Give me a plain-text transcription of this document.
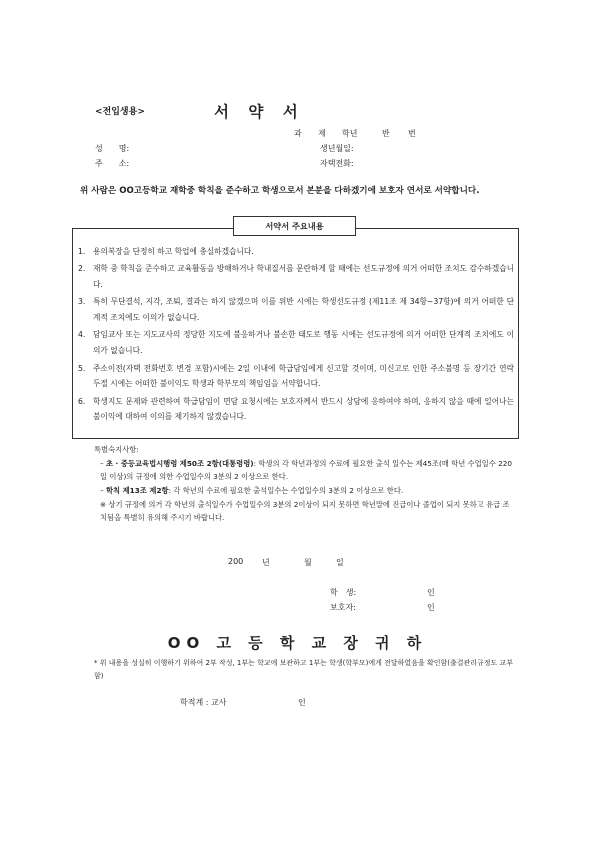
<전입생용>	서 약 서
과 제 학년	반 번
성　　명:
주　　소:
생년월일:
자택전화:
위 사람은 OO고등학교 재학중 학칙을 준수하고 학생으로서 본분을 다하겠기에 보호자 연서로 서약합니다.
서약서 주요내용
1. 용의복장을 단정히 하고 학업에 충실하겠습니다.
2. 재학 중 학칙을 준수하고 교육활동을 방해하거나 학내질서를 문란하게 할 때에는 선도규정에 의거 어떠한 조치도 감수하겠습니다.
3. 특히 무단결석, 지각, 조퇴, 결과는 하지 않겠으며 이를 위반 시에는 학생선도규정 (제11조 제 34항~37항)에 의거 어떠한 단계적 조치에도 이의가 없습니다.
4. 담임교사 또는 지도교사의 정당한 지도에 불응하거나 불손한 태도로 행동 시에는 선도규정에 의거 어떠한 단계적 조치에도 이의가 없습니다.
5. 주소이전(자택 전화번호 변경 포함)시에는 2일 이내에 학급담임에게 신고할 것이며, 미신고로 인한 주소불명 등 장기간 연락 두절 시에는 어떠한 불이익도 학생과 학부모의 책임임을 서약합니다.
6. 학생지도 문제와 관련하여 학급담임이 면담 요청시에는 보호자께서 반드시 상담에 응하여야 하며, 응하지 않을 때에 일어나는 불이익에 대하여 이의를 제기하지 않겠습니다.
특별숙지사항:
– 초 · 중등교육법시행령 제50조 2항(대통령령): 학생의 각 학년과정의 수료에 필요한 출석 일수는 제45조(매 학년 수업일수 220일 이상)의 규정에 의한 수업일수의 3분의 2 이상으로 한다.
– 학칙 제13조 제2항: 각 학년의 수료에 필요한 출석일수는 수업일수의 3분의 2 이상으로 한다.
※ 상기 규정에 의거 각 학년의 출석일수가 수업일수의 3분의 2이상이 되지 못하면 학년말에 진급이나 졸업이 되지 못하고 유급 조치됨을 특별히 유의해 주시기 바랍니다.
200 년	월	일
학　생:	인
보호자:	인
OO 고 등 학 교 장 귀 하
* 위 내용을 성실히 이행하기 위하여 2부 작성, 1부는 학교에 보관하고 1부는 학생(학부모)에게 전달하였음을 확인함(출결관리규정도 교부함)
학적계 : 교사	인
